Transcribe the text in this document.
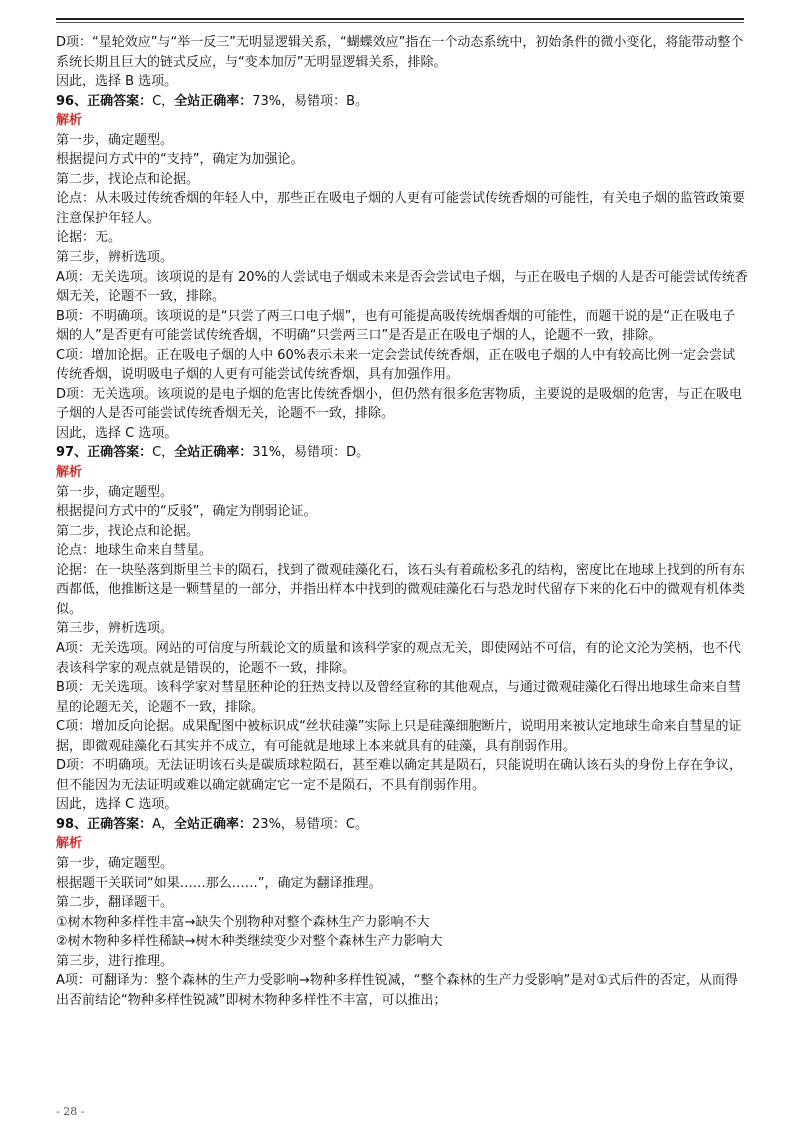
D项：“星轮效应”与“举一反三”无明显逻辑关系，“蝴蝶效应”指在一个动态系统中，初始条件的微小变化，将能带动整个系统长期且巨大的链式反应，与“变本加厉”无明显逻辑关系，排除。

因此，选择 B 选项。

96、正确答案：C，全站正确率：73%，易错项：B。

解析

第一步，确定题型。

根据提问方式中的“支持”，确定为加强论。

第二步，找论点和论据。

论点：从未吸过传统香烟的年轻人中，那些正在吸电子烟的人更有可能尝试传统香烟的可能性，有关电子烟的监管政策要注意保护年轻人。

论据：无。

第三步，辨析选项。

A项：无关选项。该项说的是有 20%的人尝试电子烟或未来是否会尝试电子烟，与正在吸电子烟的人是否可能尝试传统香烟无关，论题不一致，排除。

B项：不明确项。该项说的是“只尝了两三口电子烟”，也有可能提高吸传统烟香烟的可能性，而题干说的是“正在吸电子烟的人”是否更有可能尝试传统香烟，不明确“只尝两三口”是否是正在吸电子烟的人，论题不一致，排除。

C项：增加论据。正在吸电子烟的人中 60%表示未来一定会尝试传统香烟，正在吸电子烟的人中有较高比例一定会尝试传统香烟，说明吸电子烟的人更有可能尝试传统香烟，具有加强作用。

D项：无关选项。该项说的是电子烟的危害比传统香烟小，但仍然有很多危害物质，主要说的是吸烟的危害，与正在吸电子烟的人是否可能尝试传统香烟无关，论题不一致，排除。

因此，选择 C 选项。

97、正确答案：C，全站正确率：31%，易错项：D。

解析

第一步，确定题型。

根据提问方式中的“反驳”，确定为削弱论证。

第二步，找论点和论据。

论点：地球生命来自彗星。

论据：在一块坠落到斯里兰卡的陨石，找到了微观硅藻化石，该石头有着疏松多孔的结构，密度比在地球上找到的所有东西都低，他推断这是一颗彗星的一部分，并指出样本中找到的微观硅藻化石与恐龙时代留存下来的化石中的微观有机体类似。

第三步，辨析选项。

A项：无关选项。网站的可信度与所载论文的质量和该科学家的观点无关，即使网站不可信，有的论文沦为笑柄，也不代表该科学家的观点就是错误的，论题不一致，排除。

B项：无关选项。该科学家对彗星胚种论的狂热支持以及曾经宣称的其他观点，与通过微观硅藻化石得出地球生命来自彗星的论题无关，论题不一致，排除。

C项：增加反向论据。成果配图中被标识成“丝状硅藻”实际上只是硅藻细胞断片，说明用来被认定地球生命来自彗星的证据，即微观硅藻化石其实并不成立，有可能就是地球上本来就具有的硅藻，具有削弱作用。

D项：不明确项。无法证明该石头是碳质球粒陨石，甚至难以确定其是陨石，只能说明在确认该石头的身份上存在争议，但不能因为无法证明或难以确定就确定它一定不是陨石，不具有削弱作用。

因此，选择 C 选项。

98、正确答案：A，全站正确率：23%，易错项：C。

解析

第一步，确定题型。

根据题干关联词“如果……那么……”，确定为翻译推理。

第二步，翻译题干。

①树木物种多样性丰富→缺失个别物种对整个森林生产力影响不大

②树木物种多样性稀缺→树木种类继续变少对整个森林生产力影响大

第三步，进行推理。

A项：可翻译为：整个森林的生产力受影响→物种多样性锐减，“整个森林的生产力受影响”是对①式后件的否定，从而得出否前结论“物种多样性锐减”即树木物种多样性不丰富，可以推出；

- 28 -
